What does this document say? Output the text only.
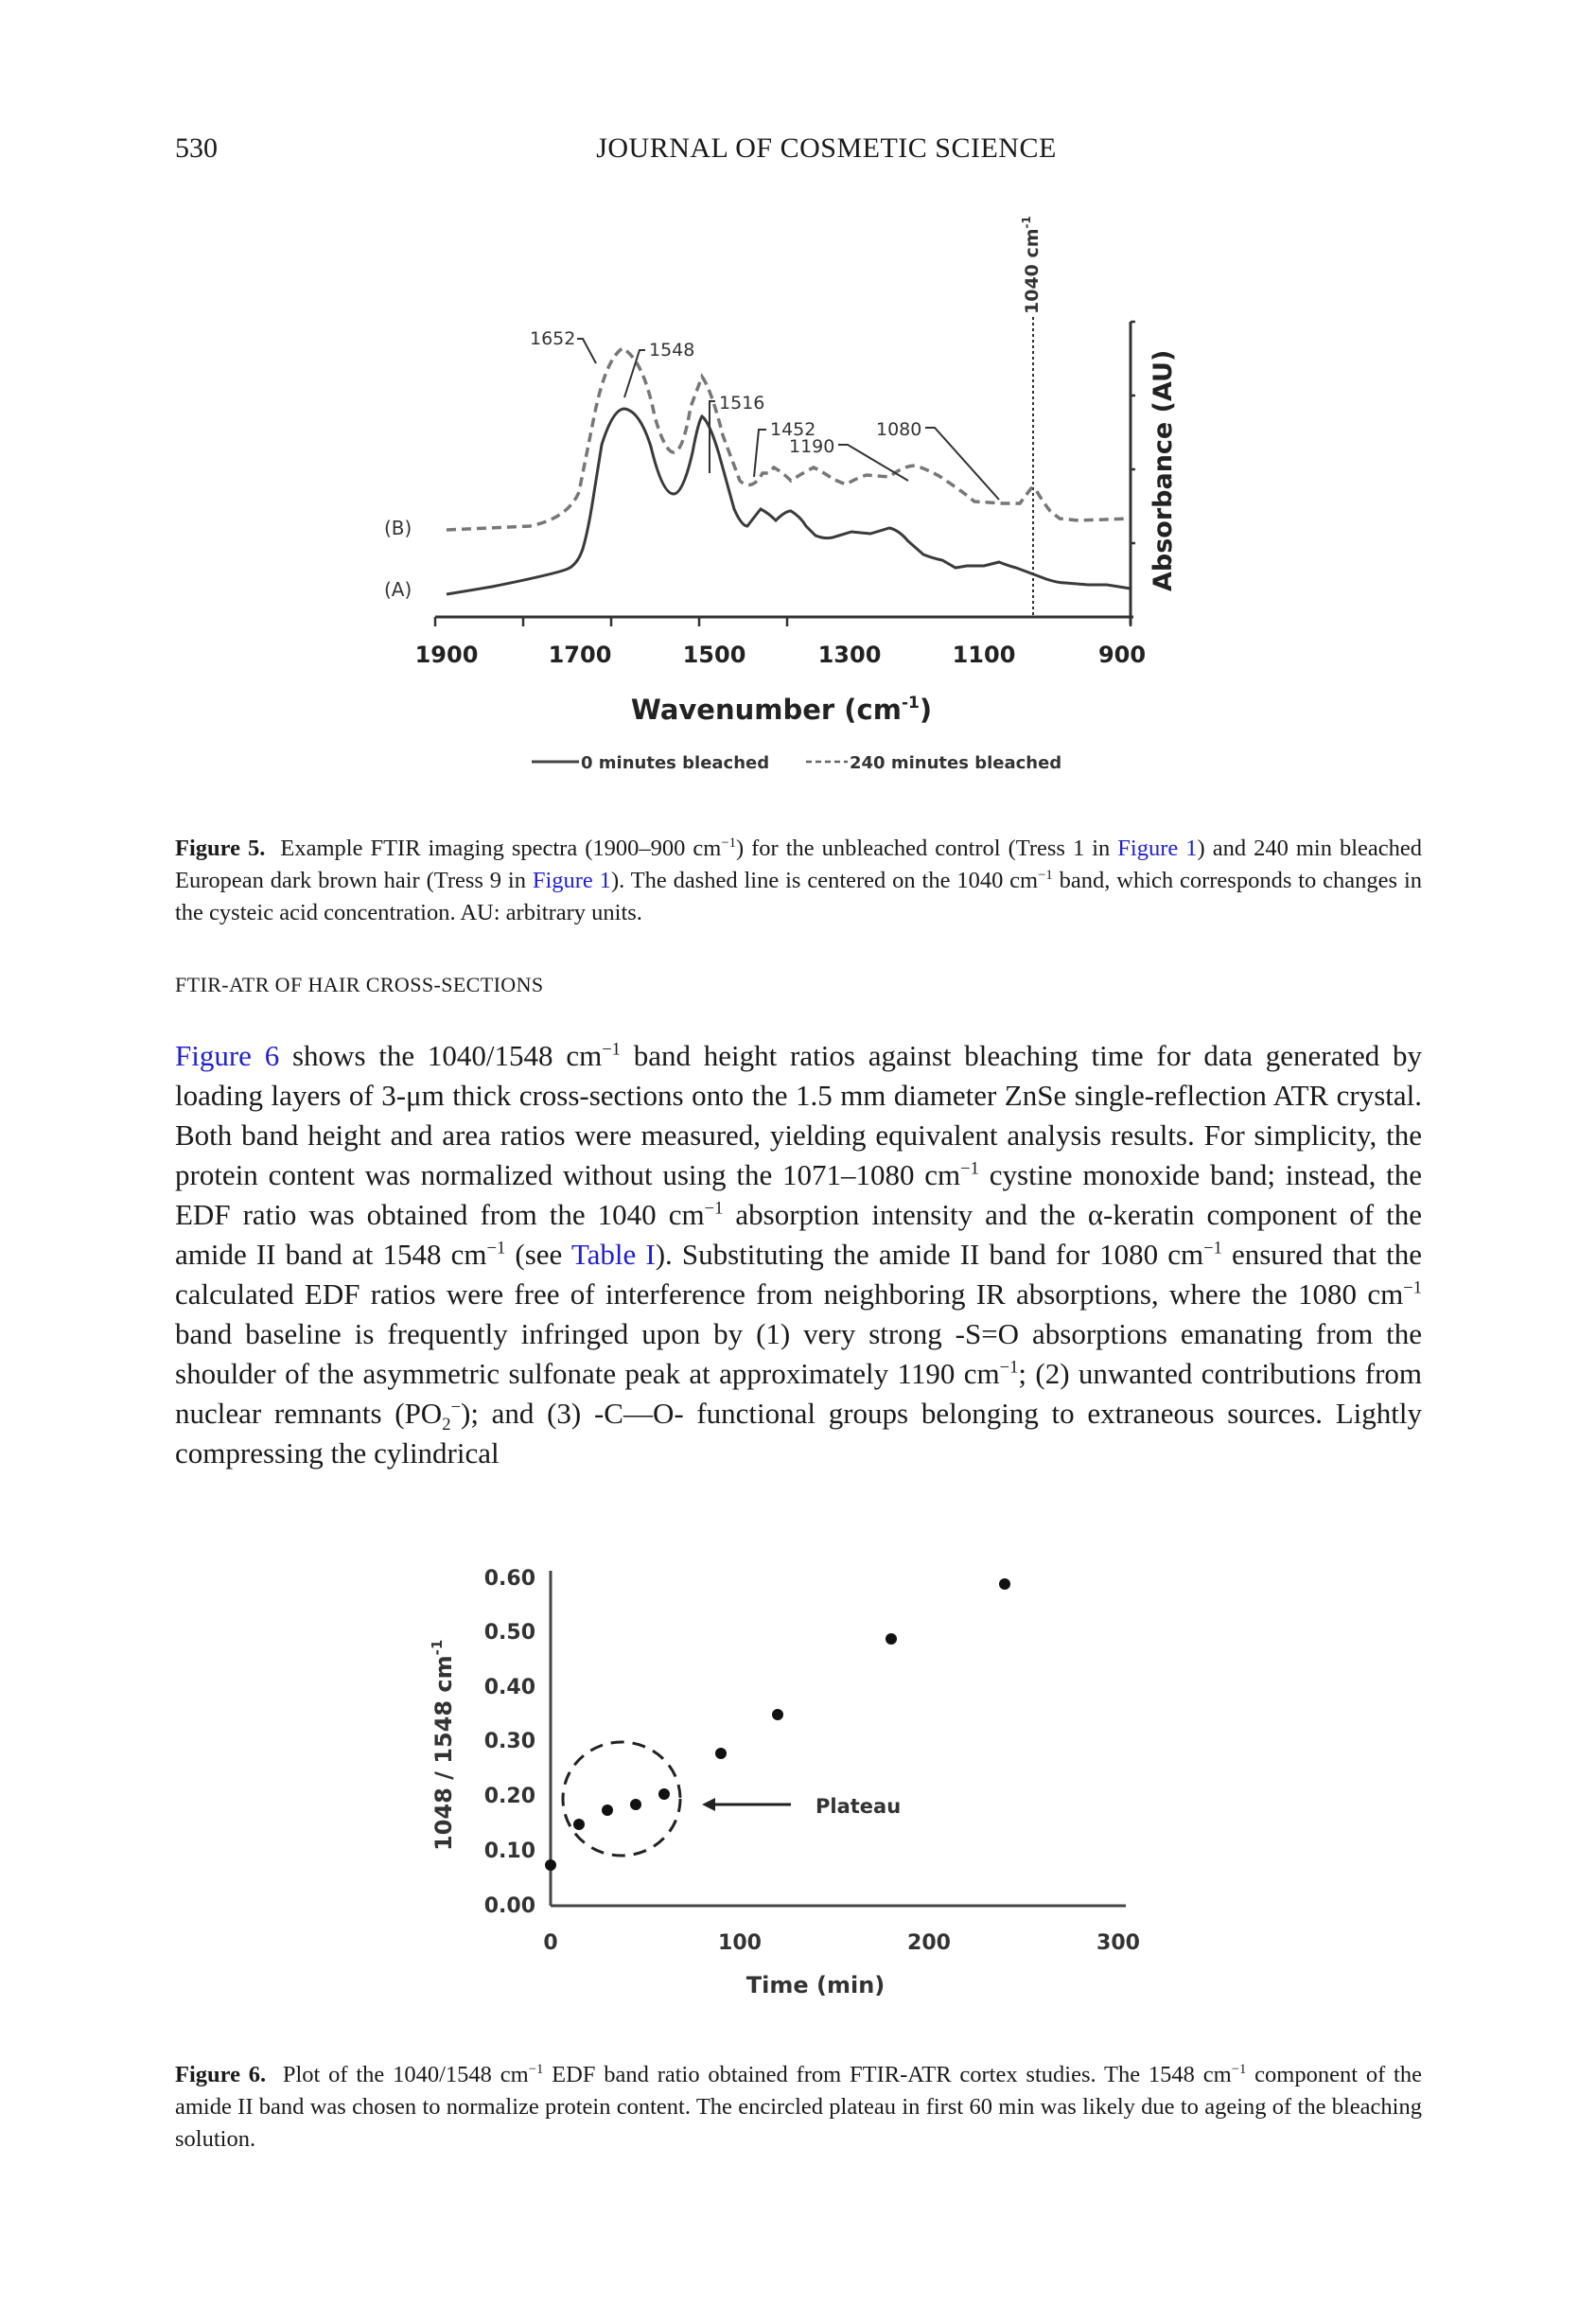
530	JOURNAL OF COSMETIC SCIENCE
1040 $cm^{-1}$
(B)
(A)
1652
1548
1516
1452
1190
1080
1900	1700	1500	1300	1100	900
Wavenumber $(cm^{-1})$
Absorbance (AU)
0 minutes bleached	240 minutes bleached
Figure 5. Example FTIR imaging spectra (1900–900 $cm^{-1}$) for the unbleached control (Tress 1 in Figure 1) and 240 min bleached European dark brown hair (Tress 9 in Figure 1). The dashed line is centered on the 1040 $cm^{-1}$ band, which corresponds to changes in the cysteic acid concentration. AU: arbitrary units.
FTIR-ATR OF HAIR CROSS-SECTIONS
Figure 6 shows the 1040/1548 $cm^{-1}$ band height ratios against bleaching time for data generated by loading layers of 3-μm thick cross-sections onto the 1.5 mm diameter ZnSe single-reflection ATR crystal. Both band height and area ratios were measured, yielding equivalent analysis results. For simplicity, the protein content was normalized without using the 1071–1080 $cm^{-1}$ cystine monoxide band; instead, the EDF ratio was obtained from the 1040 $cm^{-1}$ absorption intensity and the α-keratin component of the amide II band at 1548 $cm^{-1}$ (see Table I). Substituting the amide II band for 1080 $cm^{-1}$ ensured that the calculated EDF ratios were free of interference from neighboring IR absorptions, where the 1080 $cm^{-1}$ band baseline is frequently infringed upon by (1) very strong -S=O absorptions emanating from the shoulder of the asymmetric sulfonate peak at approximately 1190 $cm^{-1}$; (2) unwanted contributions from nuclear remnants $(PO_2^-)$; and (3) -C—O- functional groups belonging to extraneous sources. Lightly compressing the cylindrical
0.00
0.10
0.20
0.30
0.40
0.50
0.60
0	100	200	300
Time (min)
1048 / 1548 $cm^{-1}$
Plateau
Figure 6. Plot of the 1040/1548 $cm^{-1}$ EDF band ratio obtained from FTIR-ATR cortex studies. The 1548 $cm^{-1}$ component of the amide II band was chosen to normalize protein content. The encircled plateau in first 60 min was likely due to ageing of the bleaching solution.
